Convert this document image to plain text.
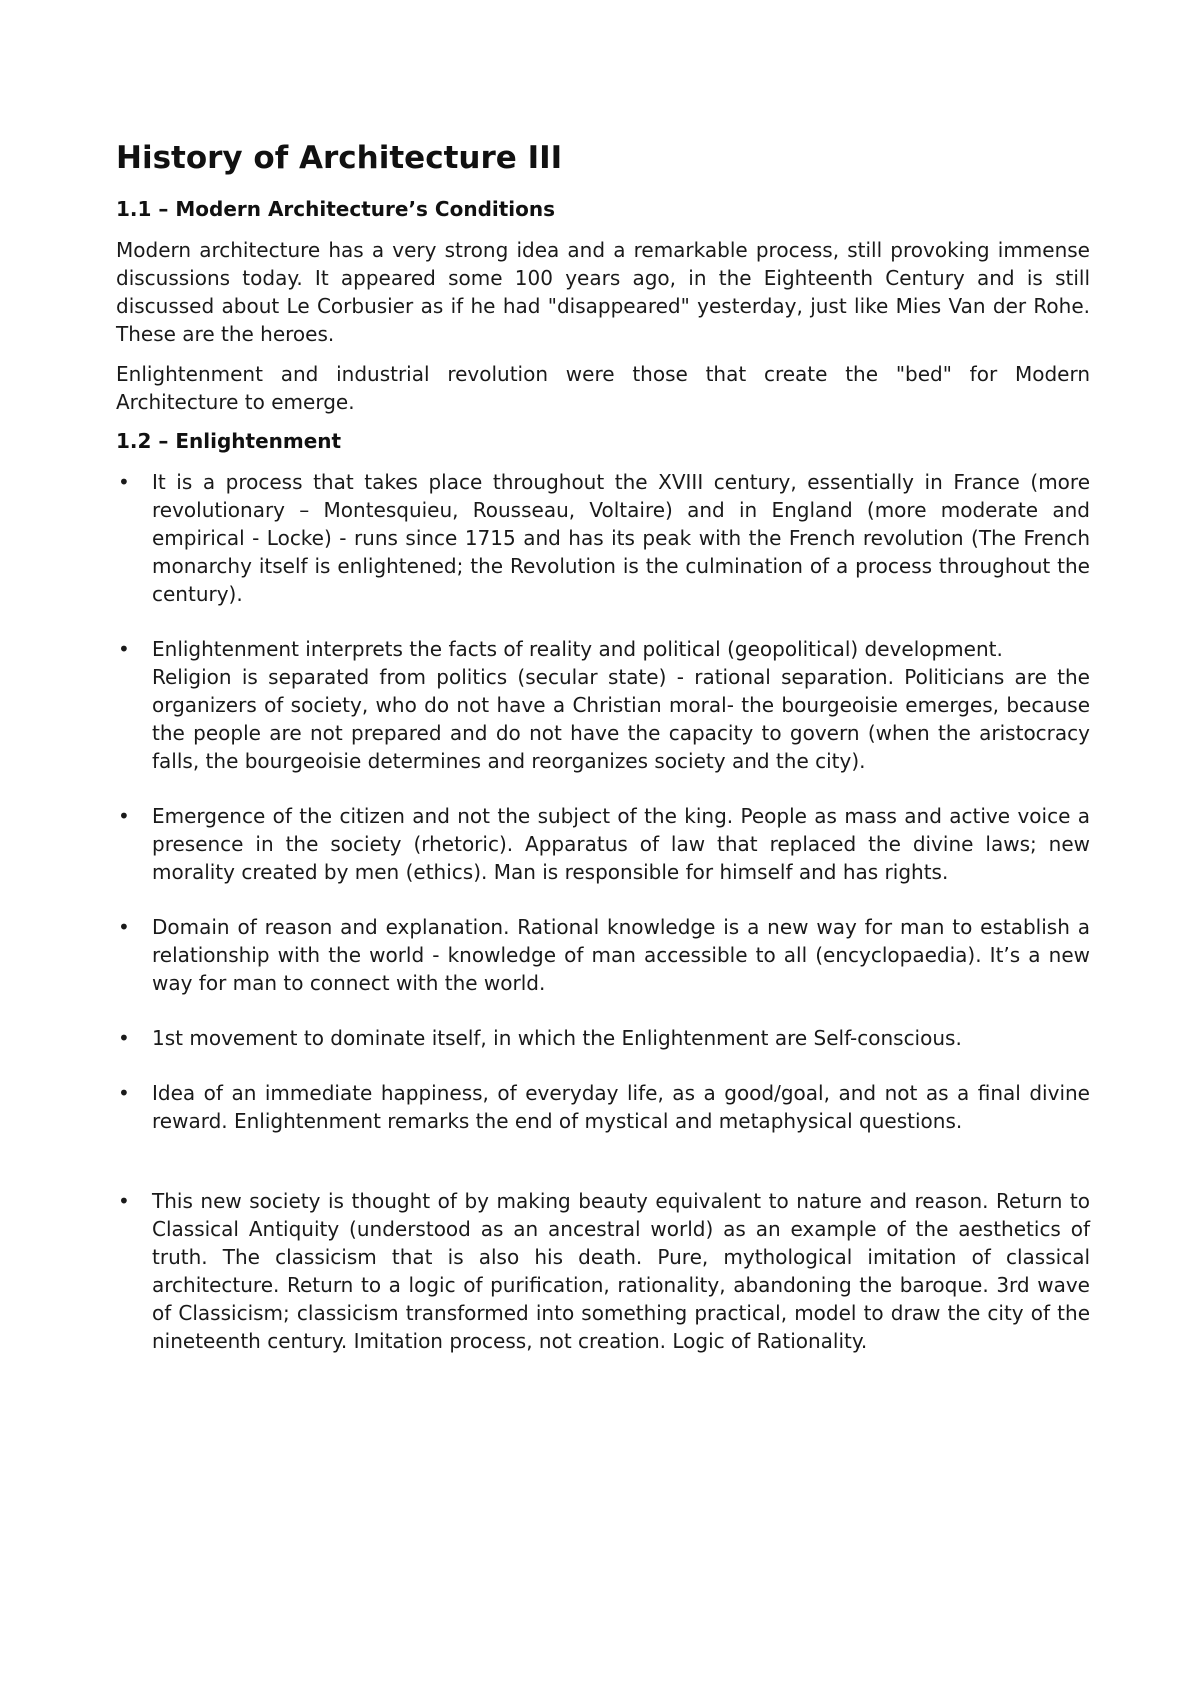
History of Architecture III
1.1 – Modern Architecture’s Conditions

Modern architecture has a very strong idea and a remarkable process, still provoking immense discussions today. It appeared some 100 years ago, in the Eighteenth Century and is still discussed about Le Corbusier as if he had "disappeared" yesterday, just like Mies Van der Rohe. These are the heroes.

Enlightenment and industrial revolution were those that create the "bed" for Modern Architecture to emerge.

1.2 – Enlightenment
• It is a process that takes place throughout the XVIII century, essentially in France (more revolutionary – Montesquieu, Rousseau, Voltaire) and in England (more moderate and empirical - Locke) - runs since 1715 and has its peak with the French revolution (The French monarchy itself is enlightened; the Revolution is the culmination of a process throughout the century).
• Enlightenment interprets the facts of reality and political (geopolitical) development.
Religion is separated from politics (secular state) - rational separation. Politicians are the organizers of society, who do not have a Christian moral- the bourgeoisie emerges, because the people are not prepared and do not have the capacity to govern (when the aristocracy falls, the bourgeoisie determines and reorganizes society and the city).
• Emergence of the citizen and not the subject of the king. People as mass and active voice a presence in the society (rhetoric). Apparatus of law that replaced the divine laws; new morality created by men (ethics). Man is responsible for himself and has rights.
• Domain of reason and explanation. Rational knowledge is a new way for man to establish a relationship with the world - knowledge of man accessible to all (encyclopaedia). It’s a new way for man to connect with the world.
• 1st movement to dominate itself, in which the Enlightenment are Self-conscious.
• Idea of an immediate happiness, of everyday life, as a good/goal, and not as a final divine reward. Enlightenment remarks the end of mystical and metaphysical questions.
• This new society is thought of by making beauty equivalent to nature and reason. Return to Classical Antiquity (understood as an ancestral world) as an example of the aesthetics of truth. The classicism that is also his death. Pure, mythological imitation of classical architecture. Return to a logic of purification, rationality, abandoning the baroque. 3rd wave of Classicism; classicism transformed into something practical, model to draw the city of the nineteenth century. Imitation process, not creation. Logic of Rationality.
